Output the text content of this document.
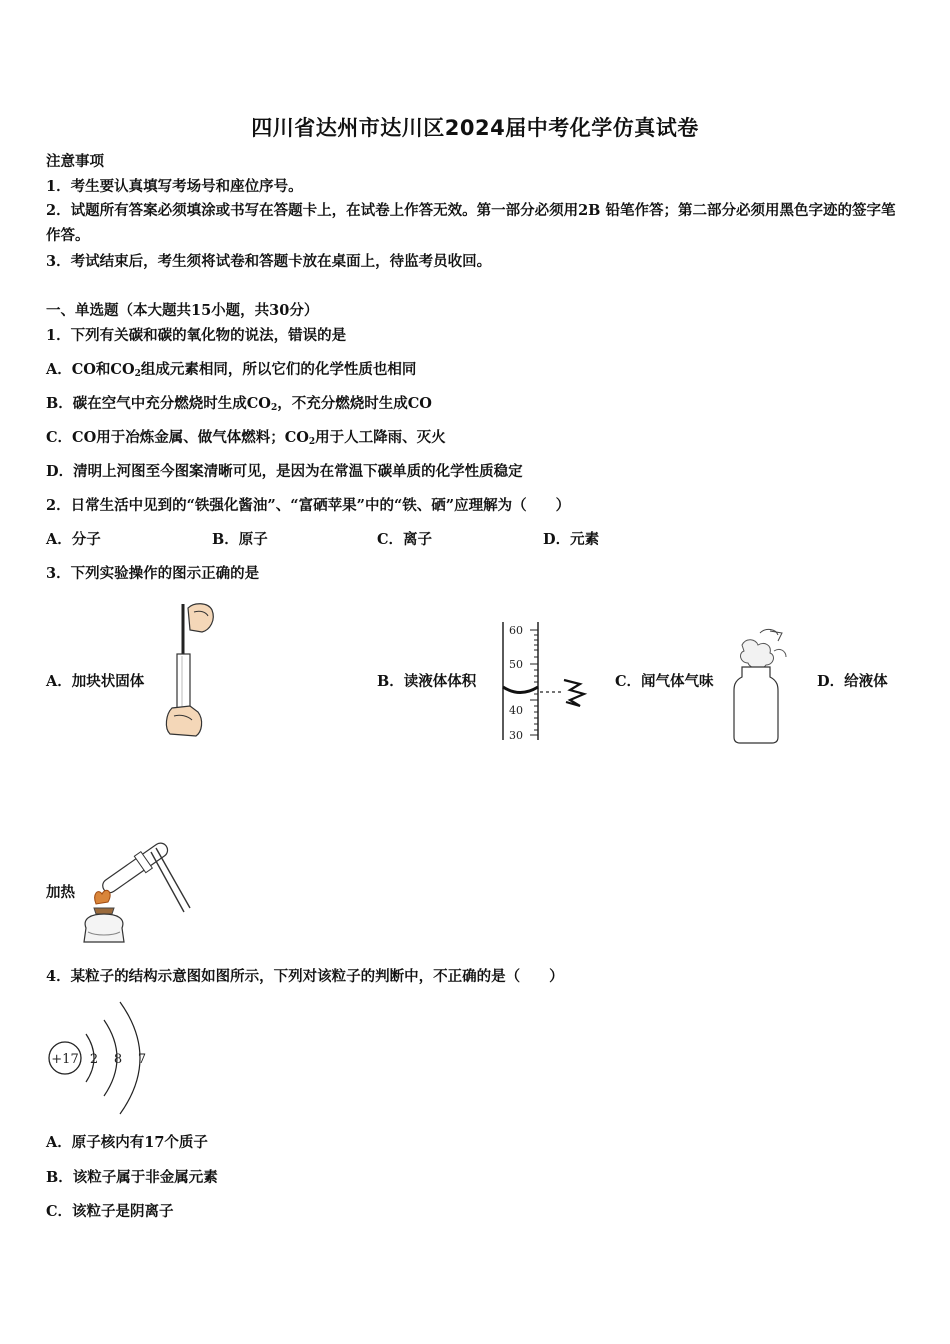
四川省达州市达川区2024届中考化学仿真试卷
注意事项
1．考生要认真填写考场号和座位序号。
2．试题所有答案必须填涂或书写在答题卡上，在试卷上作答无效。第一部分必须用2B 铅笔作答；第二部分必须用黑色字迹的签字笔作答。
3．考试结束后，考生须将试卷和答题卡放在桌面上，待监考员收回。
一、单选题（本大题共15小题，共30分）
1．下列有关碳和碳的氧化物的说法，错误的是
A．CO和$CO_2$组成元素相同，所以它们的化学性质也相同
B．碳在空气中充分燃烧时生成$CO_2$，不充分燃烧时生成CO
C．CO用于冶炼金属、做气体燃料；$CO_2$用于人工降雨、灭火
D．清明上河图至今图案清晰可见，是因为在常温下碳单质的化学性质稳定
2．日常生活中见到的“铁强化酱油”、“富硒苹果”中的“铁、硒”应理解为（　　）
A．分子	B．原子	C．离子	D．元素
3．下列实验操作的图示正确的是
A．加块状固体	B．读液体体积	C．闻气体气味	D．给液体
加热
60
50
40
30
4．某粒子的结构示意图如图所示，下列对该粒子的判断中，不正确的是（　　）
+17 2 8 7
A．原子核内有17个质子
B．该粒子属于非金属元素
C．该粒子是阴离子
